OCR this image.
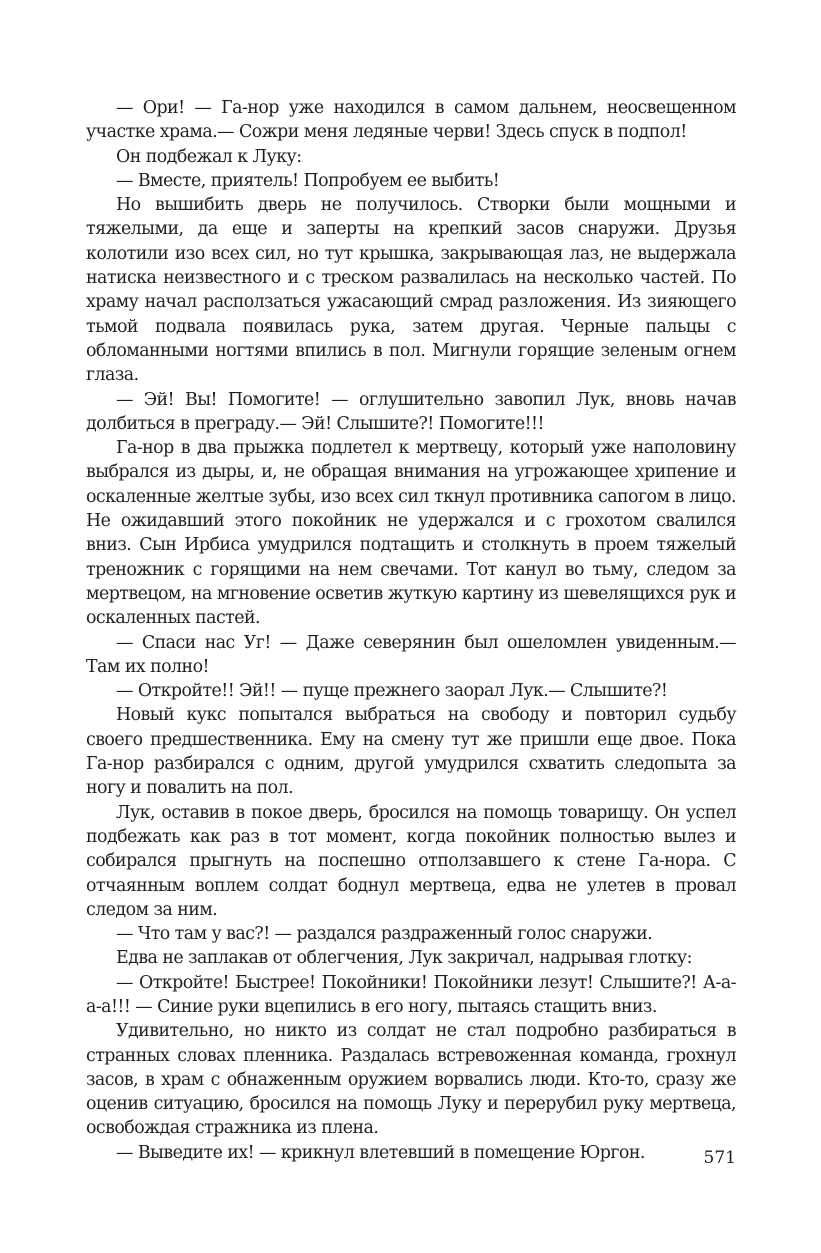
— Ори! — Га-нор уже находился в самом дальнем, неосвещенном участке храма.— Сожри меня ледяные черви! Здесь спуск в подпол!

Он подбежал к Луку:

— Вместе, приятель! Попробуем ее выбить!

Но вышибить дверь не получилось. Створки были мощными и тяжелыми, да еще и заперты на крепкий засов снаружи. Друзья колотили изо всех сил, но тут крышка, закрывающая лаз, не выдержала натиска неизвестного и с треском развалилась на несколько частей. По храму начал расползаться ужасающий смрад разложения. Из зияющего тьмой подвала появилась рука, затем другая. Черные пальцы с обломанными ногтями впились в пол. Мигнули горящие зеленым огнем глаза.

— Эй! Вы! Помогите! — оглушительно завопил Лук, вновь начав долбиться в преграду.— Эй! Слышите?! Помогите!!!

Га-нор в два прыжка подлетел к мертвецу, который уже наполовину выбрался из дыры, и, не обращая внимания на угрожающее хрипение и оскаленные желтые зубы, изо всех сил ткнул противника сапогом в лицо. Не ожидавший этого покойник не удержался и с грохотом свалился вниз. Сын Ирбиса умудрился подтащить и столкнуть в проем тяжелый треножник с горящими на нем свечами. Тот канул во тьму, следом за мертвецом, на мгновение осветив жуткую картину из шевелящихся рук и оскаленных пастей.

— Спаси нас Уг! — Даже северянин был ошеломлен увиденным.— Там их полно!

— Откройте!! Эй!! — пуще прежнего заорал Лук.— Слышите?!

Новый кукс попытался выбраться на свободу и повторил судьбу своего предшественника. Ему на смену тут же пришли еще двое. Пока Га-нор разбирался с одним, другой умудрился схватить следопыта за ногу и повалить на пол.

Лук, оставив в покое дверь, бросился на помощь товарищу. Он успел подбежать как раз в тот момент, когда покойник полностью вылез и собирался прыгнуть на поспешно отползавшего к стене Га-нора. С отчаянным воплем солдат боднул мертвеца, едва не улетев в провал следом за ним.

— Что там у вас?! — раздался раздраженный голос снаружи.

Едва не заплакав от облегчения, Лук закричал, надрывая глотку:

— Откройте! Быстрее! Покойники! Покойники лезут! Слышите?! А-а-а-а!!! — Синие руки вцепились в его ногу, пытаясь стащить вниз.

Удивительно, но никто из солдат не стал подробно разбираться в странных словах пленника. Раздалась встревоженная команда, грохнул засов, в храм с обнаженным оружием ворвались люди. Кто-то, сразу же оценив ситуацию, бросился на помощь Луку и перерубил руку мертвеца, освобождая стражника из плена.

— Выведите их! — крикнул влетевший в помещение Юргон.	571
